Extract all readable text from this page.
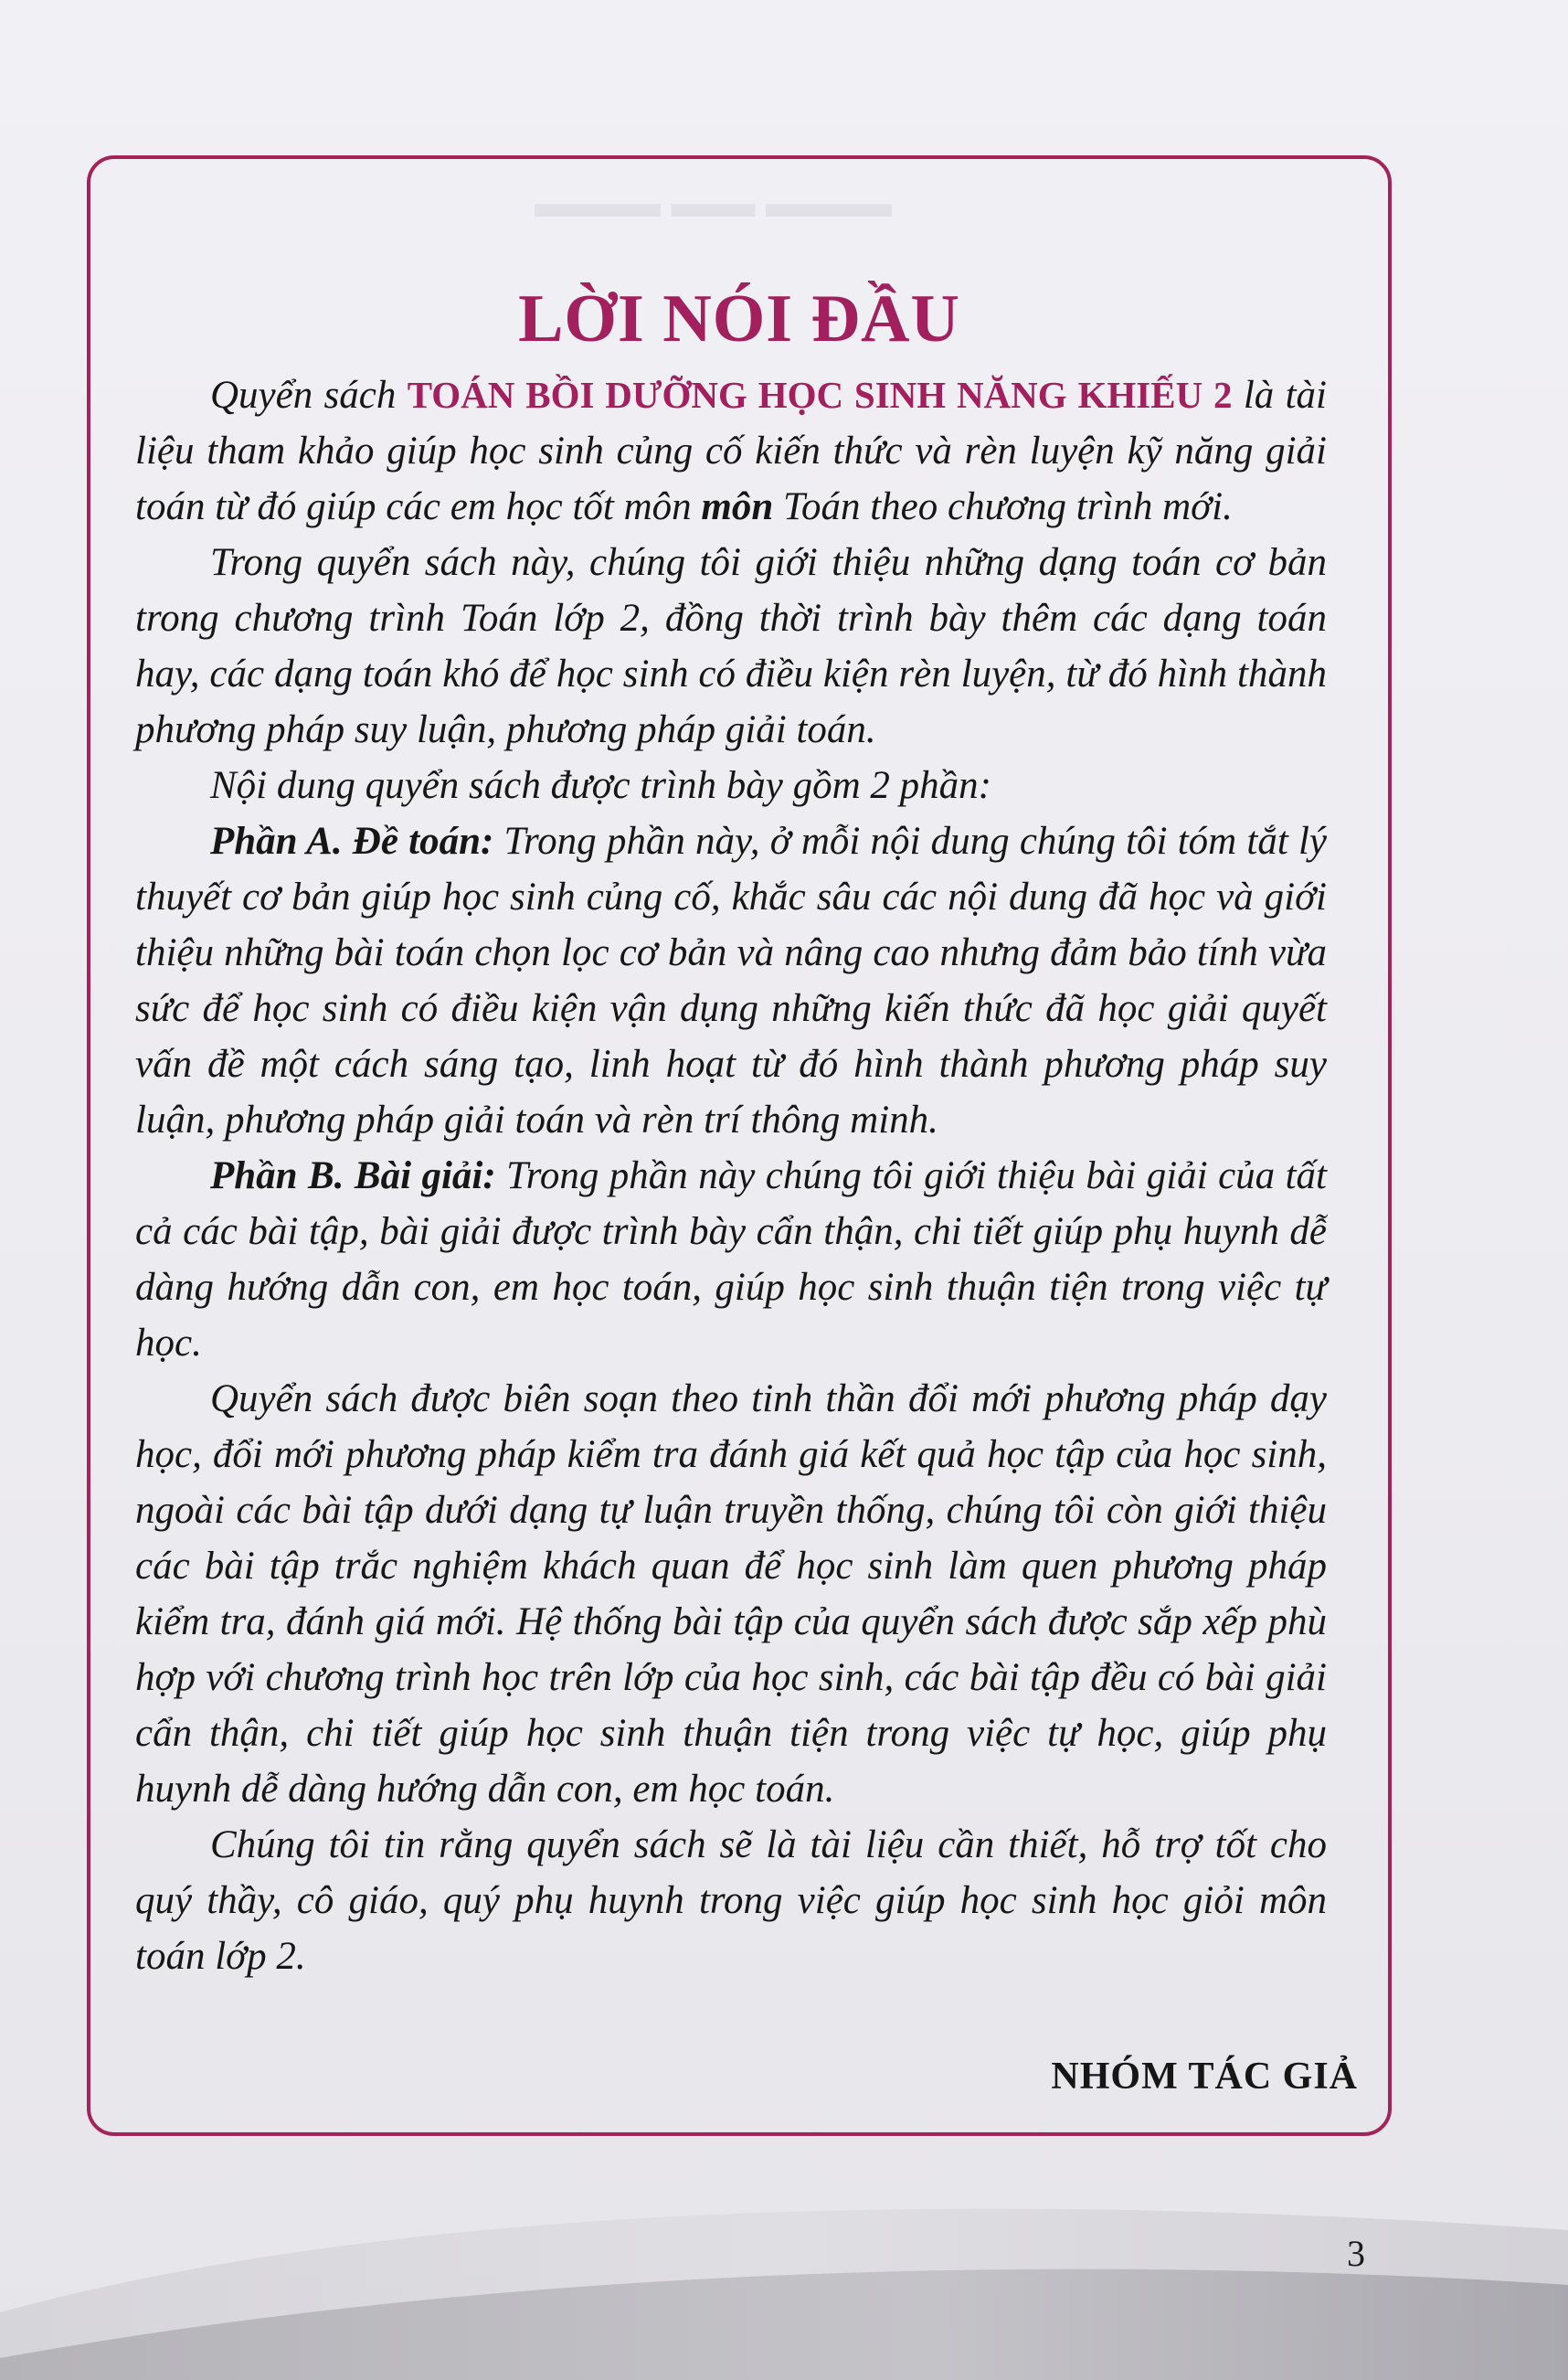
▬▬▬ ▬▬ ▬▬▬
LỜI NÓI ĐẦU

Quyển sách TOÁN BỒI DƯỠNG HỌC SINH NĂNG KHIẾU 2 là tài liệu tham khảo giúp học sinh củng cố kiến thức và rèn luyện kỹ năng giải toán từ đó giúp các em học tốt môn môn Toán theo chương trình mới.

Trong quyển sách này, chúng tôi giới thiệu những dạng toán cơ bản trong chương trình Toán lớp 2, đồng thời trình bày thêm các dạng toán hay, các dạng toán khó để học sinh có điều kiện rèn luyện, từ đó hình thành phương pháp suy luận, phương pháp giải toán.

Nội dung quyển sách được trình bày gồm 2 phần:

Phần A. Đề toán: Trong phần này, ở mỗi nội dung chúng tôi tóm tắt lý thuyết cơ bản giúp học sinh củng cố, khắc sâu các nội dung đã học và giới thiệu những bài toán chọn lọc cơ bản và nâng cao nhưng đảm bảo tính vừa sức để học sinh có điều kiện vận dụng những kiến thức đã học giải quyết vấn đề một cách sáng tạo, linh hoạt từ đó hình thành phương pháp suy luận, phương pháp giải toán và rèn trí thông minh.

Phần B. Bài giải: Trong phần này chúng tôi giới thiệu bài giải của tất cả các bài tập, bài giải được trình bày cẩn thận, chi tiết giúp phụ huynh dễ dàng hướng dẫn con, em học toán, giúp học sinh thuận tiện trong việc tự học.

Quyển sách được biên soạn theo tinh thần đổi mới phương pháp dạy học, đổi mới phương pháp kiểm tra đánh giá kết quả học tập của học sinh, ngoài các bài tập dưới dạng tự luận truyền thống, chúng tôi còn giới thiệu các bài tập trắc nghiệm khách quan để học sinh làm quen phương pháp kiểm tra, đánh giá mới. Hệ thống bài tập của quyển sách được sắp xếp phù hợp với chương trình học trên lớp của học sinh, các bài tập đều có bài giải cẩn thận, chi tiết giúp học sinh thuận tiện trong việc tự học, giúp phụ huynh dễ dàng hướng dẫn con, em học toán.

Chúng tôi tin rằng quyển sách sẽ là tài liệu cần thiết, hỗ trợ tốt cho quý thầy, cô giáo, quý phụ huynh trong việc giúp học sinh học giỏi môn toán lớp 2.

NHÓM TÁC GIẢ
3
